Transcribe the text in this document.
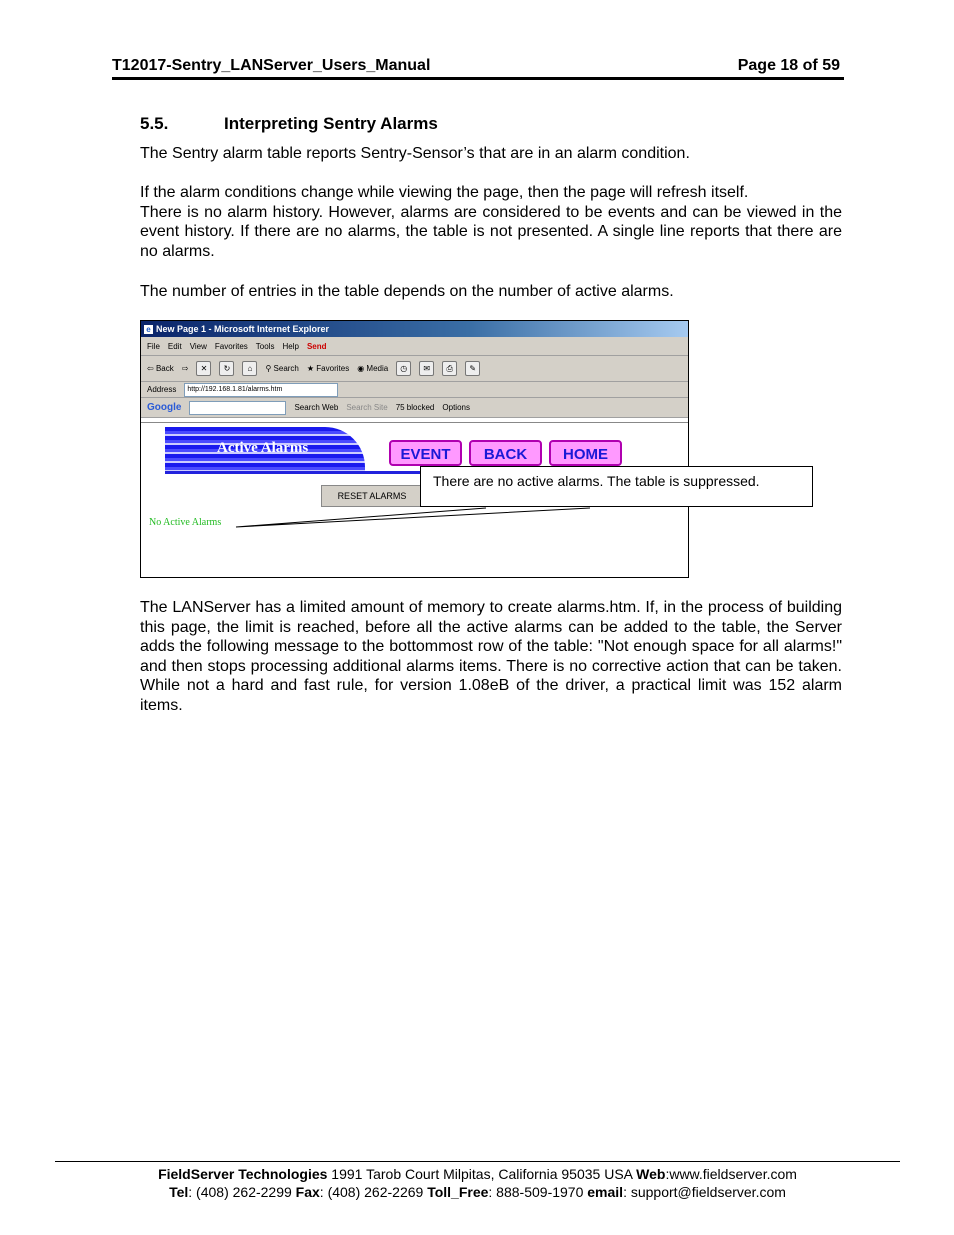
T12017-Sentry_LANServer_Users_Manual	Page 18 of 59
5.5.	Interpreting Sentry Alarms

The Sentry alarm table reports Sentry-Sensor’s that are in an alarm condition.

If the alarm conditions change while viewing the page, then the page will refresh itself.

There is no alarm history. However, alarms are considered to be events and can be viewed in the event history. If there are no alarms, the table is not presented. A single line reports that there are no alarms.

The number of entries in the table depends on the number of active alarms.

e New Page 1 - Microsoft Internet Explorer
File Edit View Favorites Tools Help Send
⇦ Back ⇨	✕	↻	⌂	⚲ Search ★ Favorites ◉ Media	◷	✉	⎙	✎
Address	http://192.168.1.81/alarms.htm
Google	Search Web Search Site 75 blocked Options
Active Alarms	EVENT	BACK	HOME
RESET ALARMS
No Active Alarms
There are no active alarms. The table is suppressed.

The LANServer has a limited amount of memory to create alarms.htm. If, in the process of building this page, the limit is reached, before all the active alarms can be added to the table, the Server adds the following message to the bottommost row of the table: "Not enough space for all alarms!" and then stops processing additional alarms items. There is no corrective action that can be taken. While not a hard and fast rule, for version 1.08eB of the driver, a practical limit was 152 alarm items.

FieldServer Technologies 1991 Tarob Court Milpitas, California 95035 USA Web:www.fieldserver.com
Tel: (408) 262-2299 Fax: (408) 262-2269 Toll_Free: 888-509-1970 email: support@fieldserver.com
